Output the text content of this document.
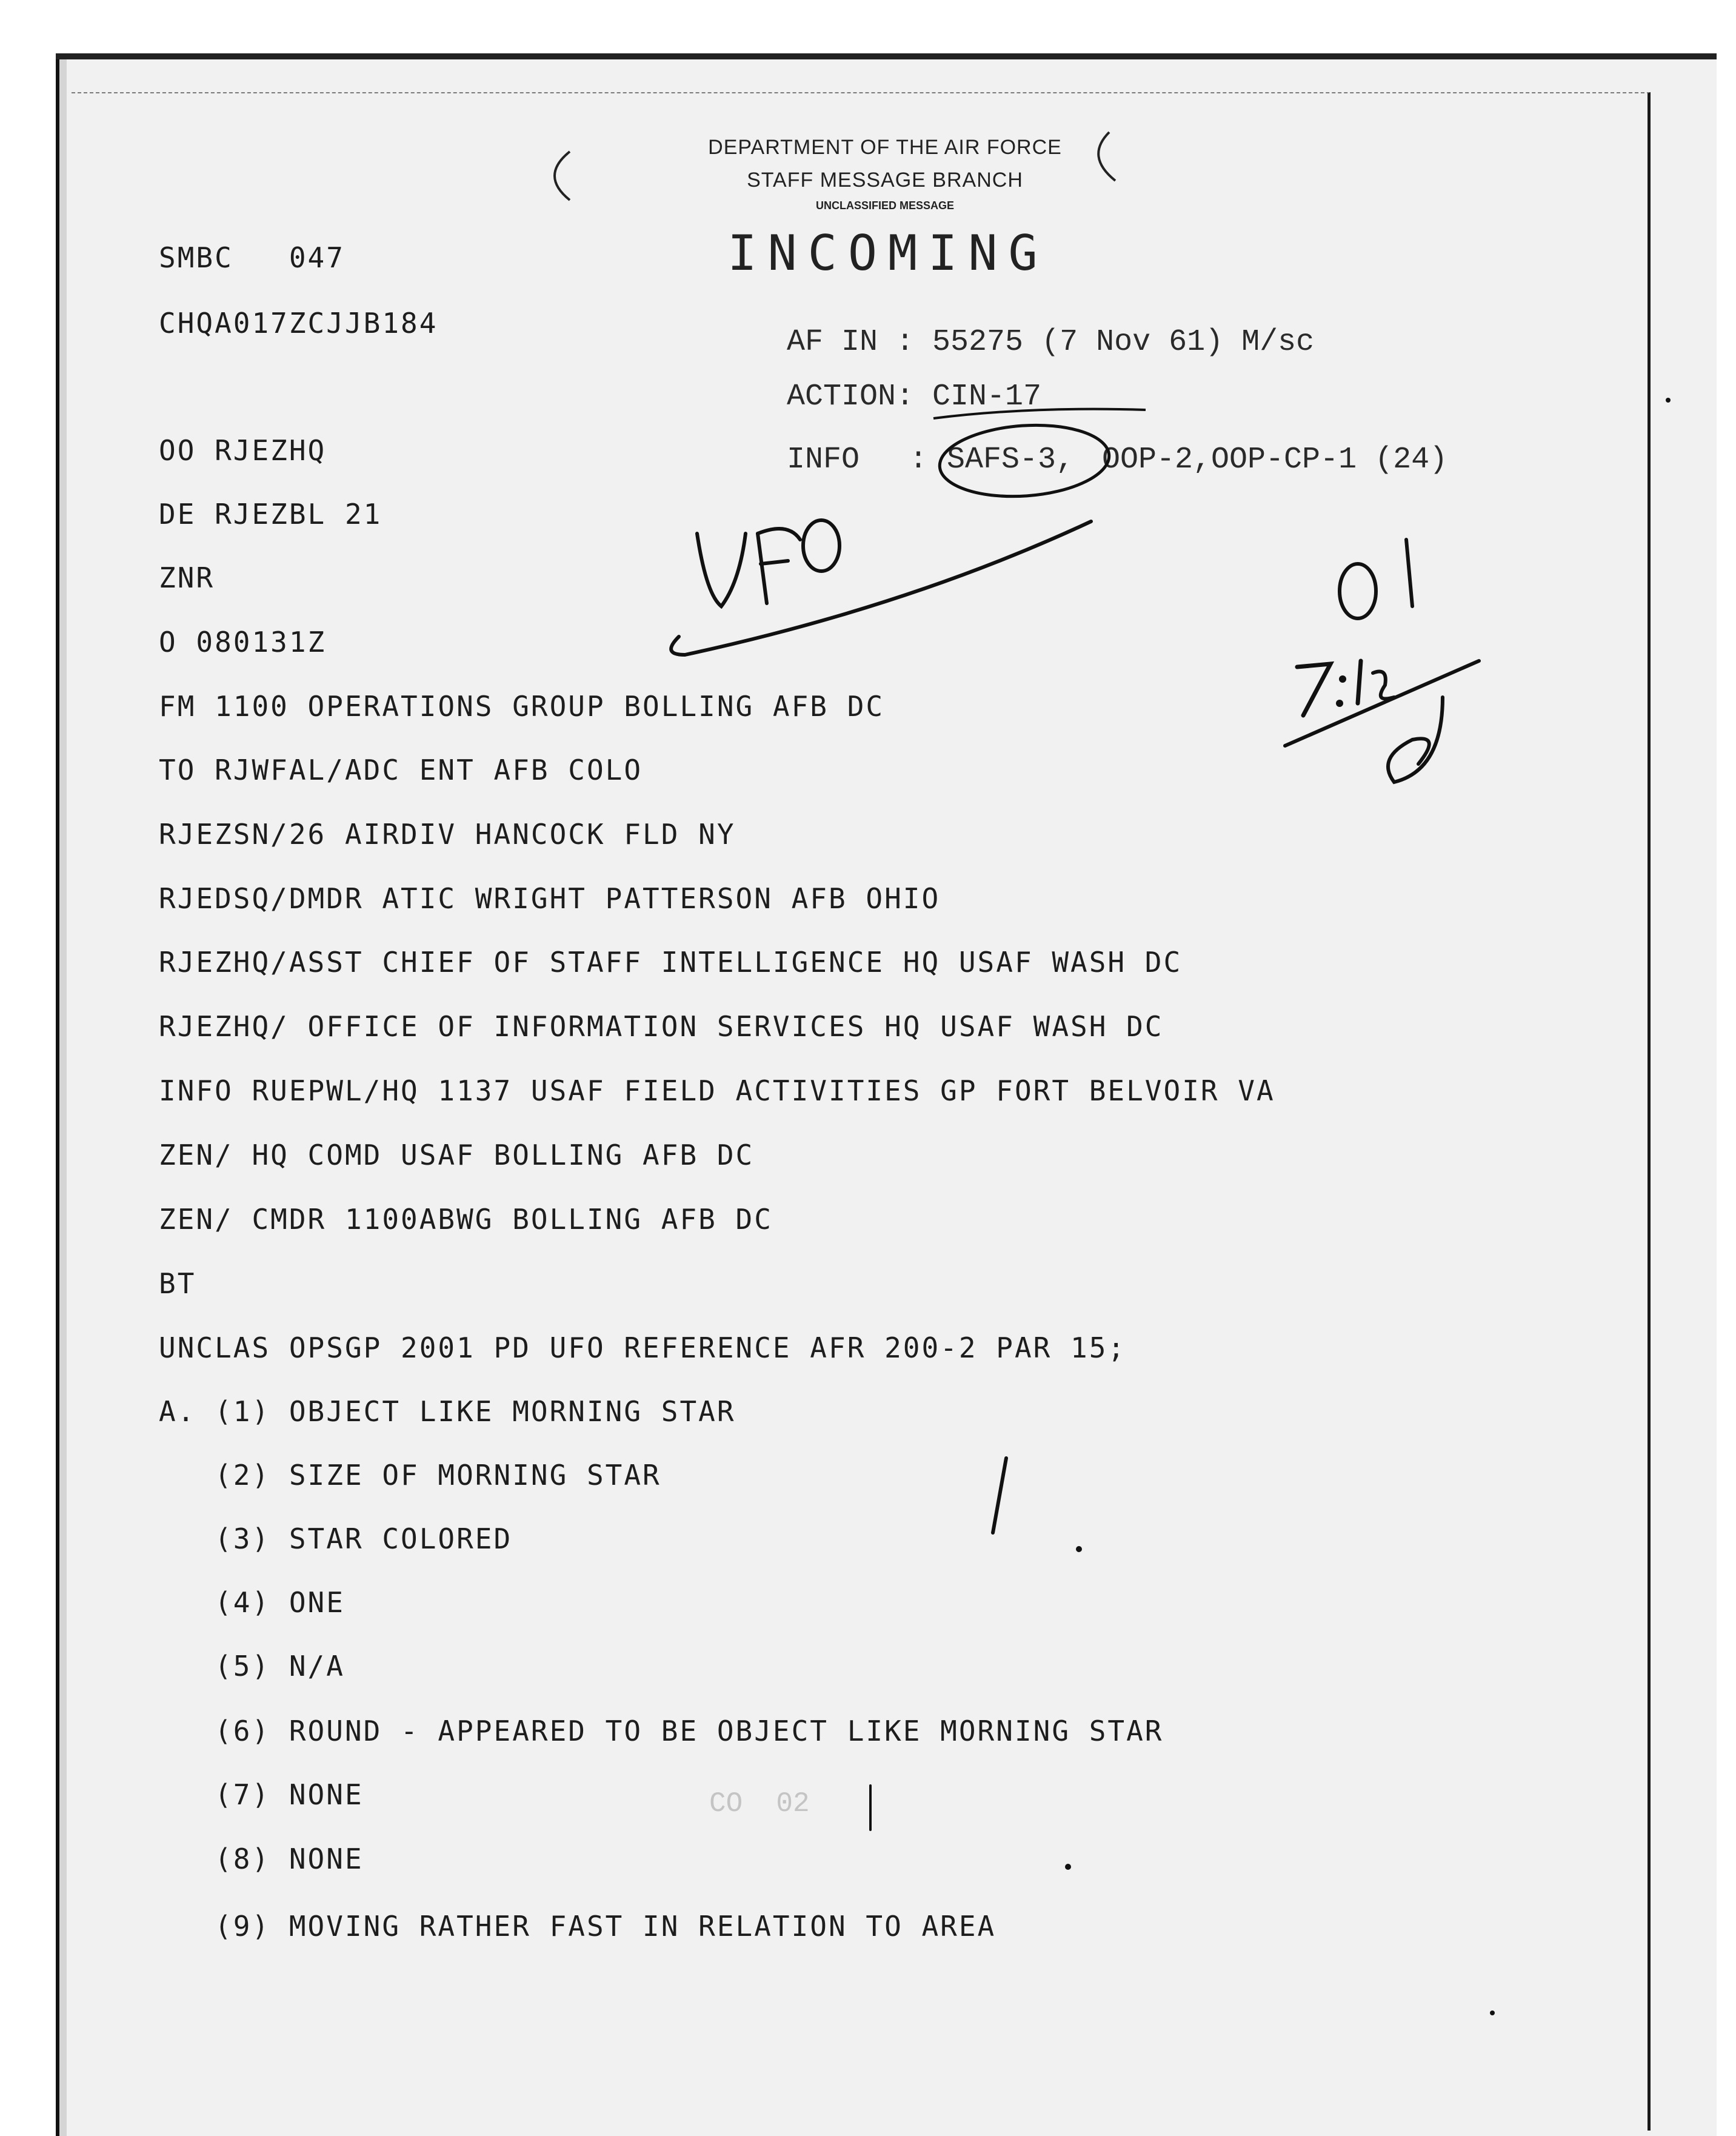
DEPARTMENT OF THE AIR FORCE
STAFF MESSAGE BRANCH
UNCLASSIFIED MESSAGE
INCOMING
SMBC   047
CHQA017ZCJJB184
AF IN : 55275 (7 Nov 61) M/sc
ACTION: CIN-17
INFO : SAFS-3, OOP-2,OOP-CP-1 (24)
OO RJEZHQ
DE RJEZBL 21
ZNR
O 080131Z
FM 1100 OPERATIONS GROUP BOLLING AFB DC
TO RJWFAL/ADC ENT AFB COLO
RJEZSN/26 AIRDIV HANCOCK FLD NY
RJEDSQ/DMDR ATIC WRIGHT PATTERSON AFB OHIO
RJEZHQ/ASST CHIEF OF STAFF INTELLIGENCE HQ USAF WASH DC
RJEZHQ/ OFFICE OF INFORMATION SERVICES HQ USAF WASH DC
INFO RUEPWL/HQ 1137 USAF FIELD ACTIVITIES GP FORT BELVOIR VA
ZEN/ HQ COMD USAF BOLLING AFB DC
ZEN/ CMDR 1100ABWG BOLLING AFB DC
BT
UNCLAS OPSGP 2001 PD UFO REFERENCE AFR 200-2 PAR 15;
A. (1) OBJECT LIKE MORNING STAR
(2) SIZE OF MORNING STAR
(3) STAR COLORED
(4) ONE
(5) N/A
(6) ROUND - APPEARED TO BE OBJECT LIKE MORNING STAR
(7) NONE
(8) NONE
(9) MOVING RATHER FAST IN RELATION TO AREA
CO  02
